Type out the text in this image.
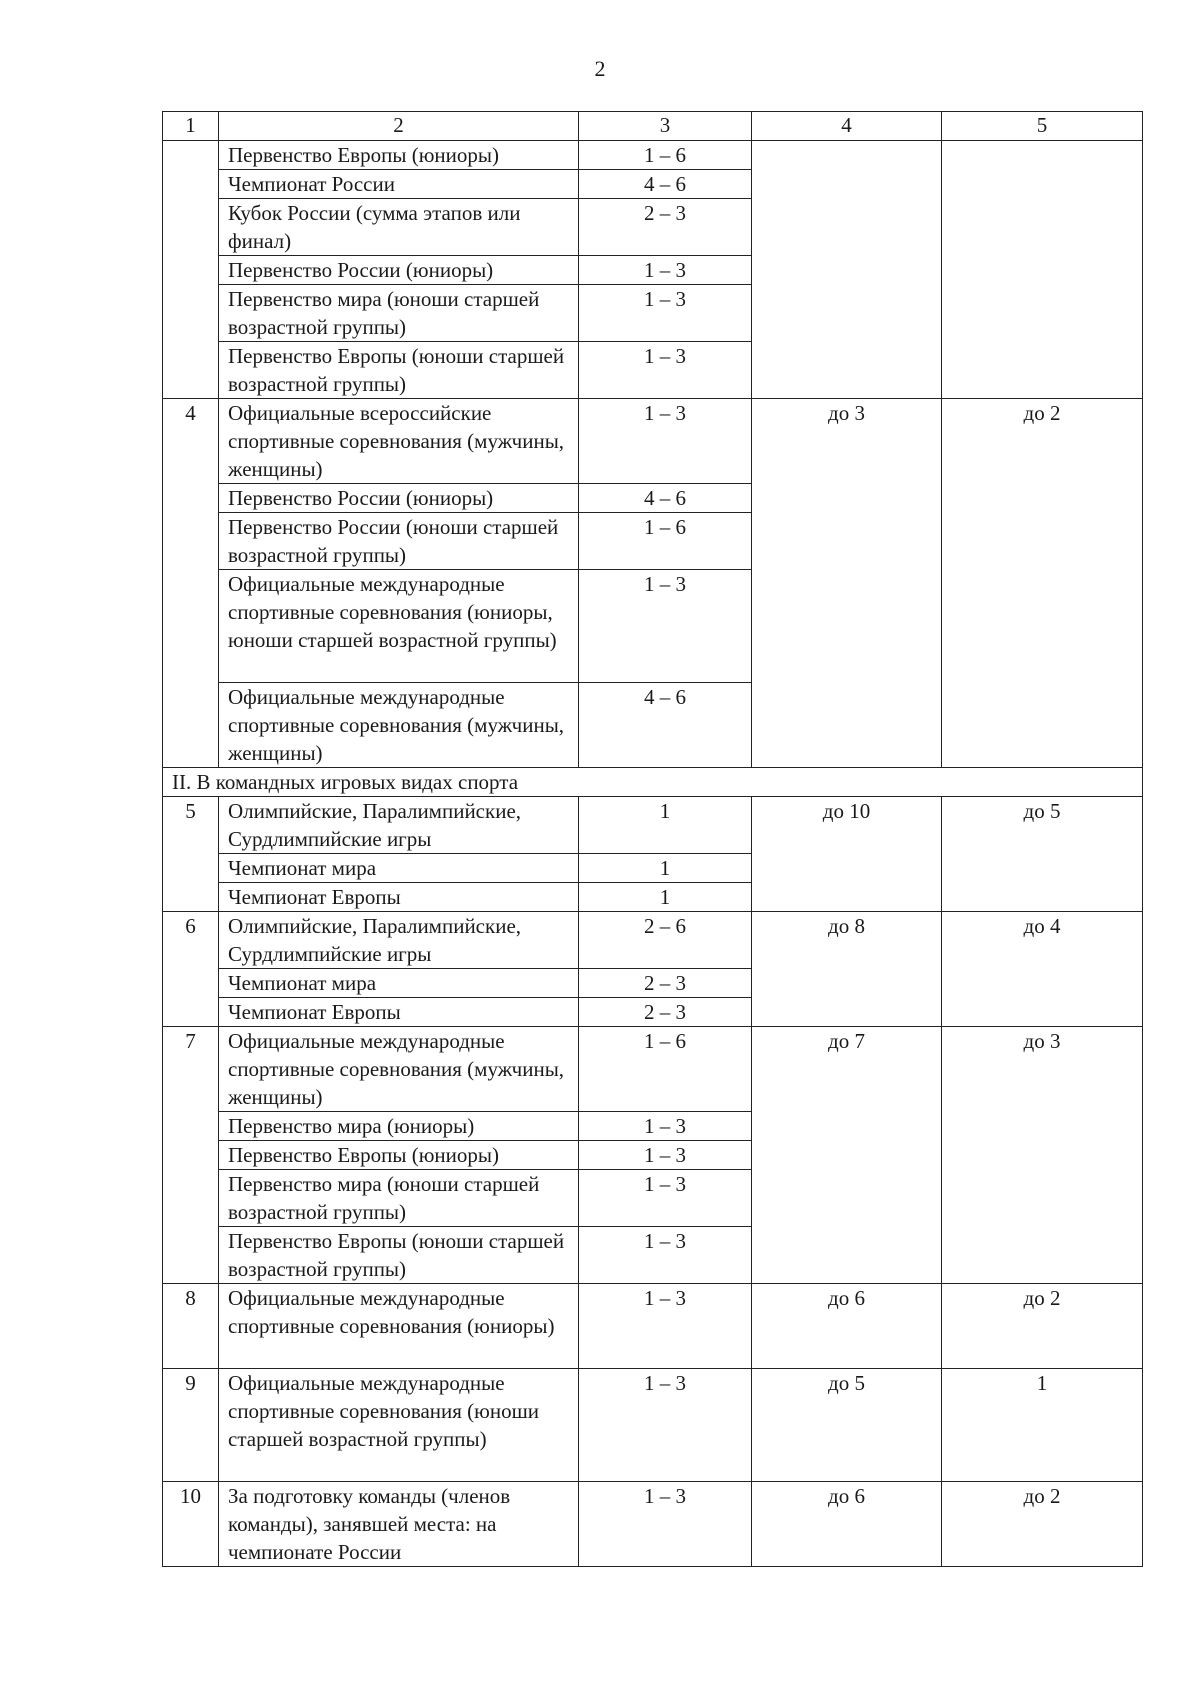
2
1	2	3	4	5
	Первенство Европы (юниоры)	1 – 6		
	Чемпионат России	4 – 6		
	Кубок России (сумма этапов или финал)	2 – 3		
	Первенство России (юниоры)	1 – 3		
	Первенство мира (юноши старшей возрастной группы)	1 – 3		
	Первенство Европы (юноши старшей возрастной группы)	1 – 3		
4	Официальные всероссийские спортивные соревнования (мужчины, женщины)	1 – 3	до 3	до 2
	Первенство России (юниоры)	4 – 6		
	Первенство России (юноши старшей возрастной группы)	1 – 6		
	Официальные международные спортивные соревнования (юниоры, юноши старшей возрастной группы)	1 – 3		
	Официальные международные спортивные соревнования (мужчины, женщины)	4 – 6		
II. В командных игровых видах спорта				
5	Олимпийские, Паралимпийские, Сурдлимпийские игры	1	до 10	до 5
	Чемпионат мира	1		
	Чемпионат Европы	1		
6	Олимпийские, Паралимпийские, Сурдлимпийские игры	2 – 6	до 8	до 4
	Чемпионат мира	2 – 3		
	Чемпионат Европы	2 – 3		
7	Официальные международные спортивные соревнования (мужчины, женщины)	1 – 6	до 7	до 3
	Первенство мира (юниоры)	1 – 3		
	Первенство Европы (юниоры)	1 – 3		
	Первенство мира (юноши старшей возрастной группы)	1 – 3		
	Первенство Европы (юноши старшей возрастной группы)	1 – 3		
8	Официальные международные спортивные соревнования (юниоры)	1 – 3	до 6	до 2
9	Официальные международные спортивные соревнования (юноши старшей возрастной группы)	1 – 3	до 5	1
10	За подготовку команды (членов команды), занявшей места: на чемпионате России	1 – 3	до 6	до 2
